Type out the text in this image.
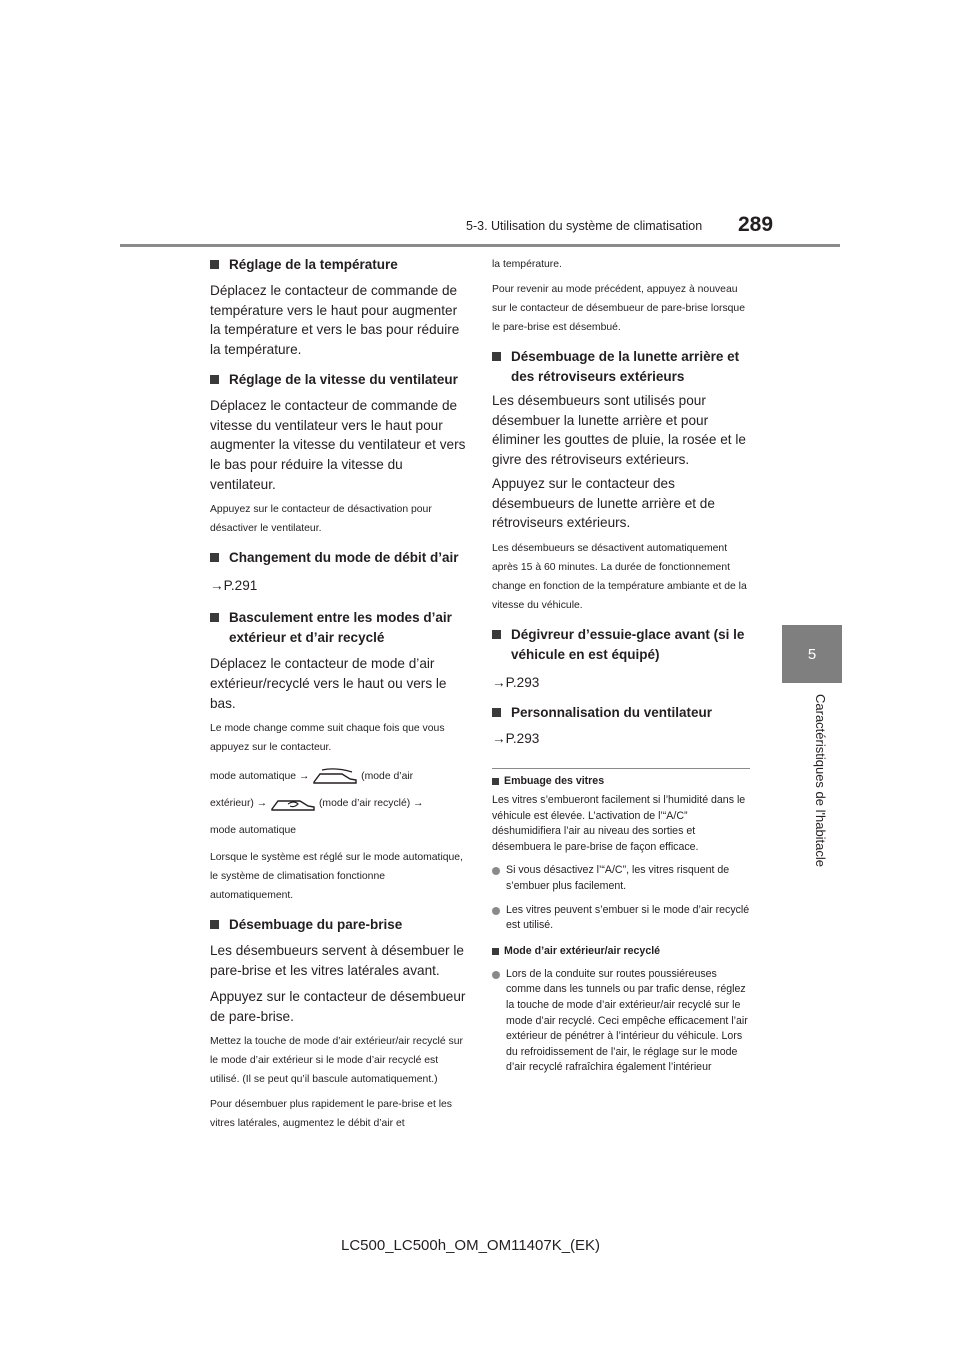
5-3. Utilisation du système de climatisation 289
5
Caractéristiques de l'habitacle
Réglage de la température

Déplacez le contacteur de commande de température vers le haut pour augmenter la température et vers le bas pour réduire la température.

Réglage de la vitesse du ventilateur

Déplacez le contacteur de commande de vitesse du ventilateur vers le haut pour augmenter la vitesse du ventilateur et vers le bas pour réduire la vitesse du ventilateur.

Appuyez sur le contacteur de désactivation pour désactiver le ventilateur.

Changement du mode de débit d’air

→P.291

Basculement entre les modes d’air extérieur et d’air recyclé

Déplacez le contacteur de mode d’air extérieur/recyclé vers le haut ou vers le bas.

Le mode change comme suit chaque fois que vous appuyez sur le contacteur.

mode automatique →	(mode d’air
extérieur) →	(mode d’air recyclé) →
mode automatique

Lorsque le système est réglé sur le mode automatique, le système de climatisation fonctionne automatiquement.

Désembuage du pare-brise

Les désembueurs servent à désembuer le pare-brise et les vitres latérales avant.

Appuyez sur le contacteur de désembueur de pare-brise.

Mettez la touche de mode d’air extérieur/air recyclé sur le mode d’air extérieur si le mode d’air recyclé est utilisé. (Il se peut qu’il bascule automatiquement.)

Pour désembuer plus rapidement le pare-brise et les vitres latérales, augmentez le débit d’air et

la température.

Pour revenir au mode précédent, appuyez à nouveau sur le contacteur de désembueur de pare-brise lorsque le pare-brise est désembué.

Désembuage de la lunette arrière et des rétroviseurs extérieurs

Les désembueurs sont utilisés pour désembuer la lunette arrière et pour éliminer les gouttes de pluie, la rosée et le givre des rétroviseurs extérieurs.

Appuyez sur le contacteur des désembueurs de lunette arrière et de rétroviseurs extérieurs.

Les désembueurs se désactivent automatiquement après 15 à 60 minutes. La durée de fonctionnement change en fonction de la température ambiante et de la vitesse du véhicule.

Dégivreur d’essuie-glace avant (si le véhicule en est équipé)

→P.293

Personnalisation du ventilateur

→P.293

Embuage des vitres

Les vitres s’embueront facilement si l’humidité dans le véhicule est élevée. L’activation de l’“A/C” déshumidifiera l’air au niveau des sorties et désembuera le pare-brise de façon efficace.

Si vous désactivez l’“A/C”, les vitres risquent de s’embuer plus facilement.
Les vitres peuvent s’embuer si le mode d’air recyclé est utilisé.
Mode d’air extérieur/air recyclé
Lors de la conduite sur routes poussiéreuses comme dans les tunnels ou par trafic dense, réglez la touche de mode d’air extérieur/air recyclé sur le mode d’air recyclé. Ceci empêche efficacement l’air extérieur de pénétrer à l’intérieur du véhicule. Lors du refroidissement de l’air, le réglage sur le mode d’air recyclé rafraîchira également l’intérieur
LC500_LC500h_OM_OM11407K_(EK)
